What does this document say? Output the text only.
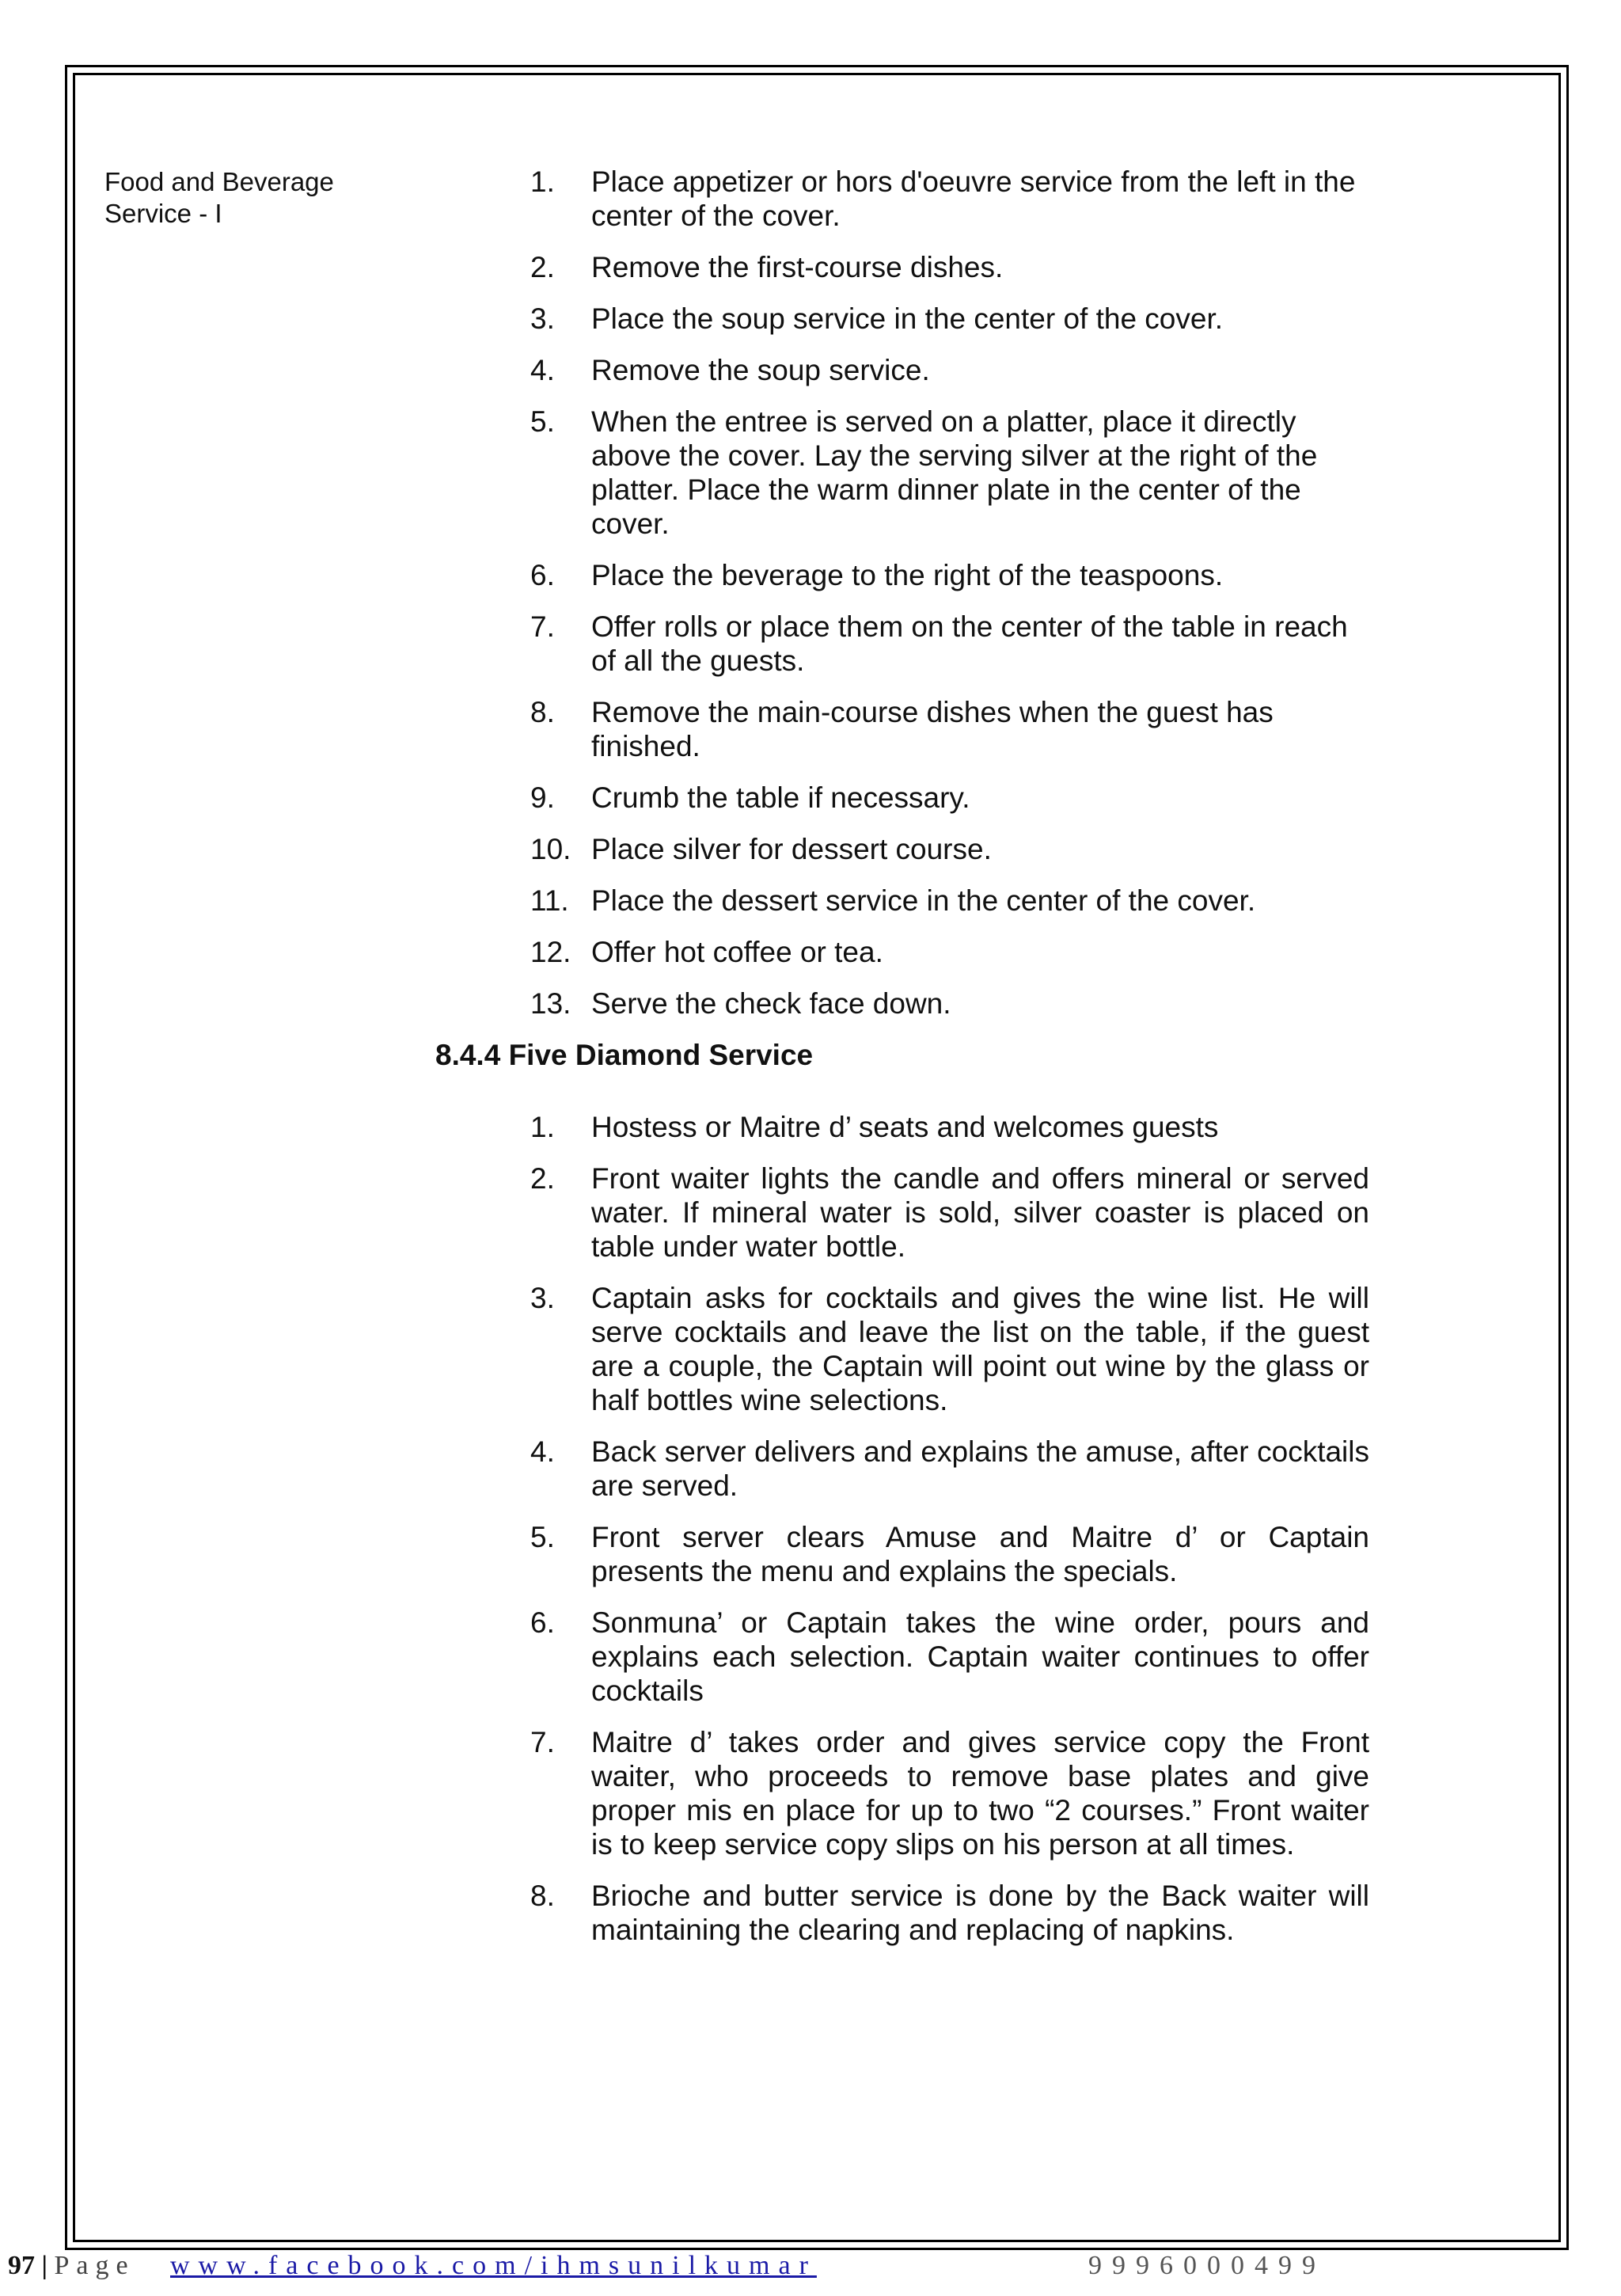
Food and Beverage
Service - I
1. Place appetizer or hors d'oeuvre service from the left in the center of the cover.
2. Remove the first-course dishes.
3. Place the soup service in the center of the cover.
4. Remove the soup service.
5. When the entree is served on a platter, place it directly above the cover. Lay the serving silver at the right of the platter. Place the warm dinner plate in the center of the cover.
6. Place the beverage to the right of the teaspoons.
7. Offer rolls or place them on the center of the table in reach of all the guests.
8. Remove the main-course dishes when the guest has finished.
9. Crumb the table if necessary.
10. Place silver for dessert course.
11. Place the dessert service in the center of the cover.
12. Offer hot coffee or tea.
13. Serve the check face down.
8.4.4 Five Diamond Service
1. Hostess or Maitre d’ seats and welcomes guests
2. Front waiter lights the candle and offers mineral or served water. If mineral water is sold, silver coaster is placed on table under water bottle.
3. Captain asks for cocktails and gives the wine list. He will serve cocktails and leave the list on the table, if the guest are a couple, the Captain will point out wine by the glass or half bottles wine selections.
4. Back server delivers and explains the amuse, after cocktails are served.
5. Front server clears Amuse and Maitre d’ or Captain presents the menu and explains the specials.
6. Sonmuna’ or Captain takes the wine order, pours and explains each selection. Captain waiter continues to offer cocktails
7. Maitre d’ takes order and gives service copy the Front waiter, who proceeds to remove base plates and give proper mis en place for up to two “2 courses.” Front waiter is to keep service copy slips on his person at all times.
8. Brioche and butter service is done by the Back waiter will maintaining the clearing and replacing of napkins.
97 | Page www.facebook.com/ihmsunilkumar	9996000499
